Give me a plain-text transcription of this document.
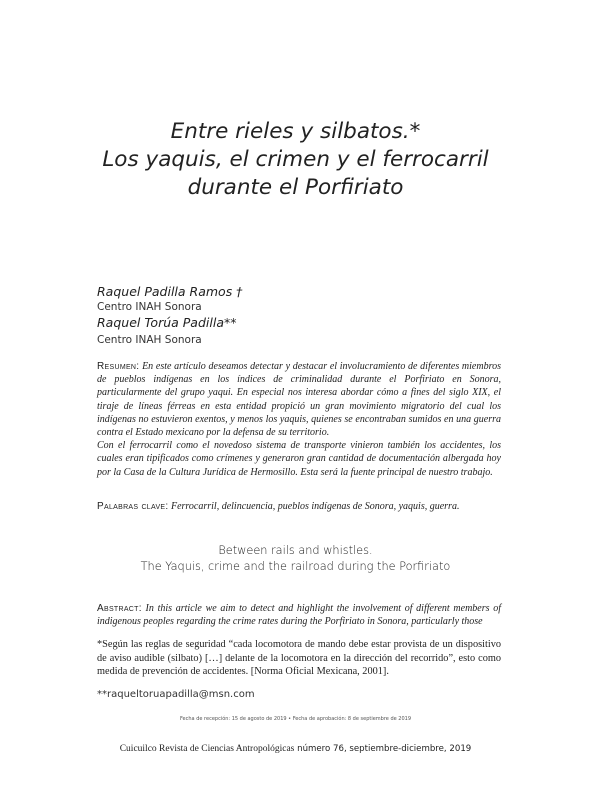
Entre rieles y silbatos.*
Los yaquis, el crimen y el ferrocarril
durante el Porfiriato
Raquel Padilla Ramos †
Centro INAH Sonora
Raquel Torúa Padilla**
Centro INAH Sonora
Resumen: En este artículo deseamos detectar y destacar el involucramiento de diferentes miembros de pueblos indígenas en los índices de criminalidad durante el Porfiriato en Sonora, particularmente del grupo yaqui. En especial nos interesa abordar cómo a fines del siglo XIX, el tiraje de líneas férreas en esta entidad propició un gran movimiento migratorio del cual los indígenas no estuvieron exentos, y menos los yaquis, quienes se encontraban sumidos en una guerra contra el Estado mexicano por la defensa de su territorio.
Con el ferrocarril como el novedoso sistema de transporte vinieron también los accidentes, los cuales eran tipificados como crímenes y generaron gran cantidad de documentación albergada hoy por la Casa de la Cultura Jurídica de Hermosillo. Esta será la fuente principal de nuestro trabajo.
Palabras clave: Ferrocarril, delincuencia, pueblos indígenas de Sonora, yaquis, guerra.
Between rails and whistles.
The Yaquis, crime and the railroad during the Porfiriato
Abstract: In this article we aim to detect and highlight the involvement of different members of indigenous peoples regarding the crime rates during the Porfiriato in Sonora, particularly those
*Según las reglas de seguridad “cada locomotora de mando debe estar provista de un dispositivo de aviso audible (silbato) […] delante de la locomotora en la dirección del recorrido”, esto como medida de prevención de accidentes. [Norma Oficial Mexicana, 2001].
**raqueltoruapadilla@msn.com
Fecha de recepción: 15 de agosto de 2019 • Fecha de aprobación: 8 de septiembre de 2019
Cuicuilco Revista de Ciencias Antropológicas número 76, septiembre-diciembre, 2019
